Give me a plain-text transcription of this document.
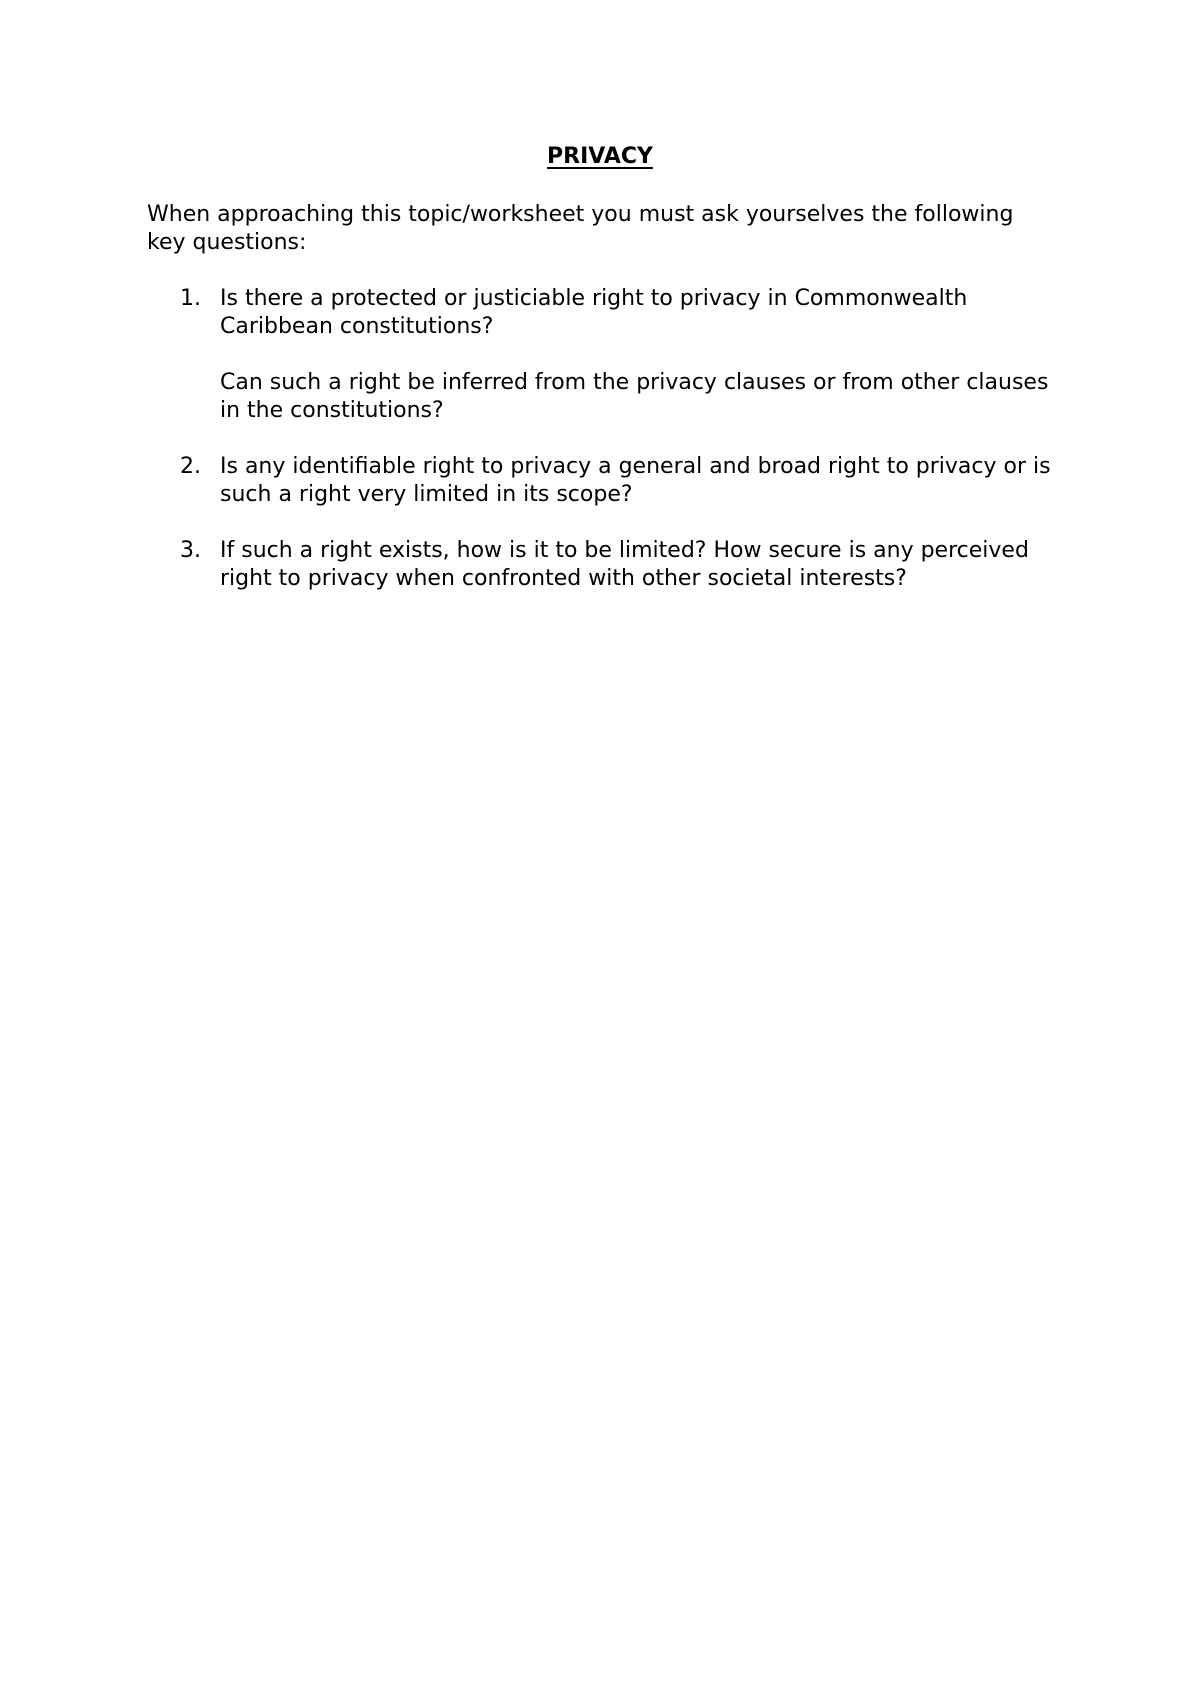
PRIVACY

When approaching this topic/worksheet you must ask yourselves the following key questions:

1. Is there a protected or justiciable right to privacy in Commonwealth Caribbean constitutions?

Can such a right be inferred from the privacy clauses or from other clauses in the constitutions?

2. Is any identifiable right to privacy a general and broad right to privacy or is such a right very limited in its scope?

3. If such a right exists, how is it to be limited? How secure is any perceived right to privacy when confronted with other societal interests?
